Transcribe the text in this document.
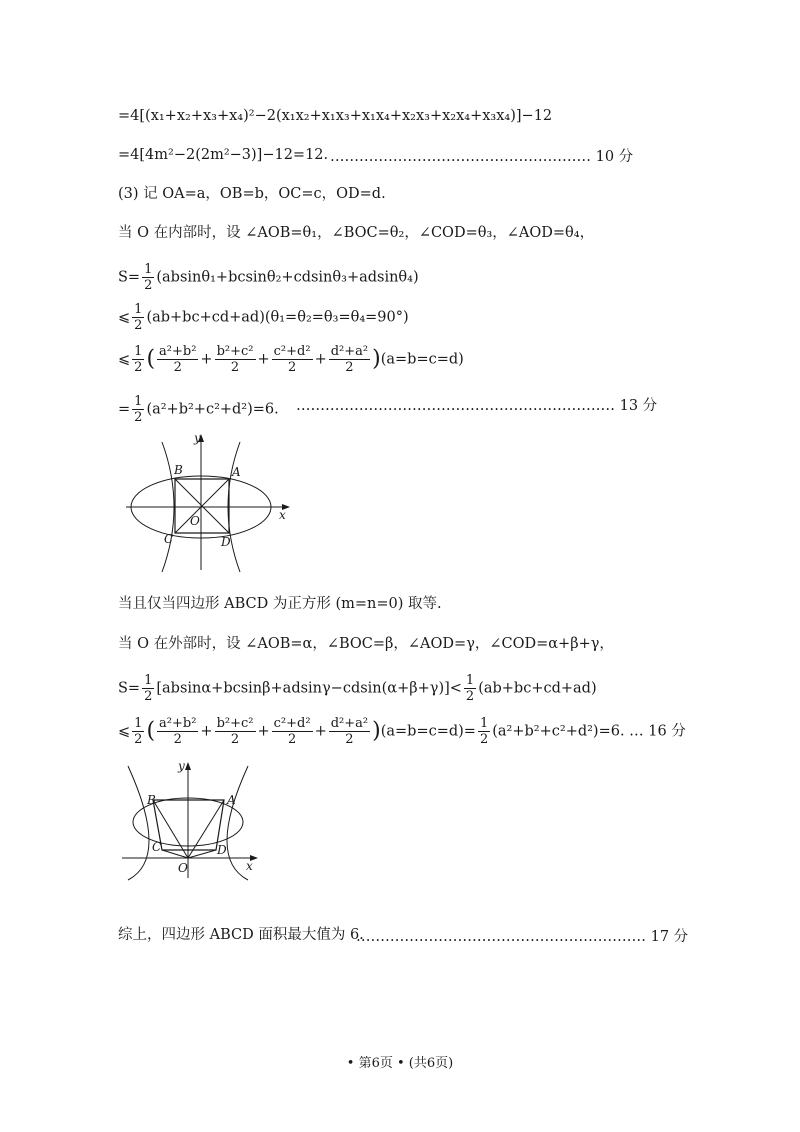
=4[(x₁+x₂+x₃+x₄)²−2(x₁x₂+x₁x₃+x₁x₄+x₂x₃+x₂x₄+x₃x₄)]−12
=4[4m²−2(2m²−3)]−12=12. ……………………………………………… 10 分
(3) 记 OA=a，OB=b，OC=c，OD=d.
当 O 在内部时，设 ∠AOB=θ₁，∠BOC=θ₂，∠COD=θ₃，∠AOD=θ₄，
$S= \frac{1}{2} (absin\theta_1+bcsin\theta_2+cdsin\theta_3+adsin\theta_4)$
⩽ $\frac{1}{2} (ab+bc+cd+ad)(\theta_1=\theta_2=\theta_3=\theta_4=90^\circ)$
⩽ $\frac{1}{2}$ ( $\frac{\text{a²+b²}}{2} + \frac{\text{b²+c²}}{2} + \frac{\text{c²+d²}}{2} + \frac{\text{d²+a²}}{2} )(a=b=c=d)$
= $\frac{1}{2} (a^2+b^2+c^2+d^2)=6$. ………………………………………………………… 13 分
y
x
A
B
C	D
O
当且仅当四边形 ABCD 为正方形 (m=n=0) 取等.
当 O 在外部时，设 ∠AOB=α，∠BOC=β，∠AOD=γ，∠COD=α+β+γ，
$S= \frac{1}{2} [absin\alpha+bcsin\beta+adsin\gamma-cdsin(\alpha+\beta+\gamma)]< \frac{1}{2} (ab+bc+cd+ad)$
⩽ $\frac{1}{2}$ ( $\frac{\text{a²+b²}}{2} + \frac{\text{b²+c²}}{2} + \frac{\text{c²+d²}}{2} + \frac{\text{d²+a²}}{2} )(a=b=c=d)= \frac{1}{2} (a^2+b^2+c^2+d^2)=6$. … 16 分
y
x
A
B
C	D
O
综上，四边形 ABCD 面积最大值为 6.
…………………………………………………… 17 分
• 第6页 • (共6页)
